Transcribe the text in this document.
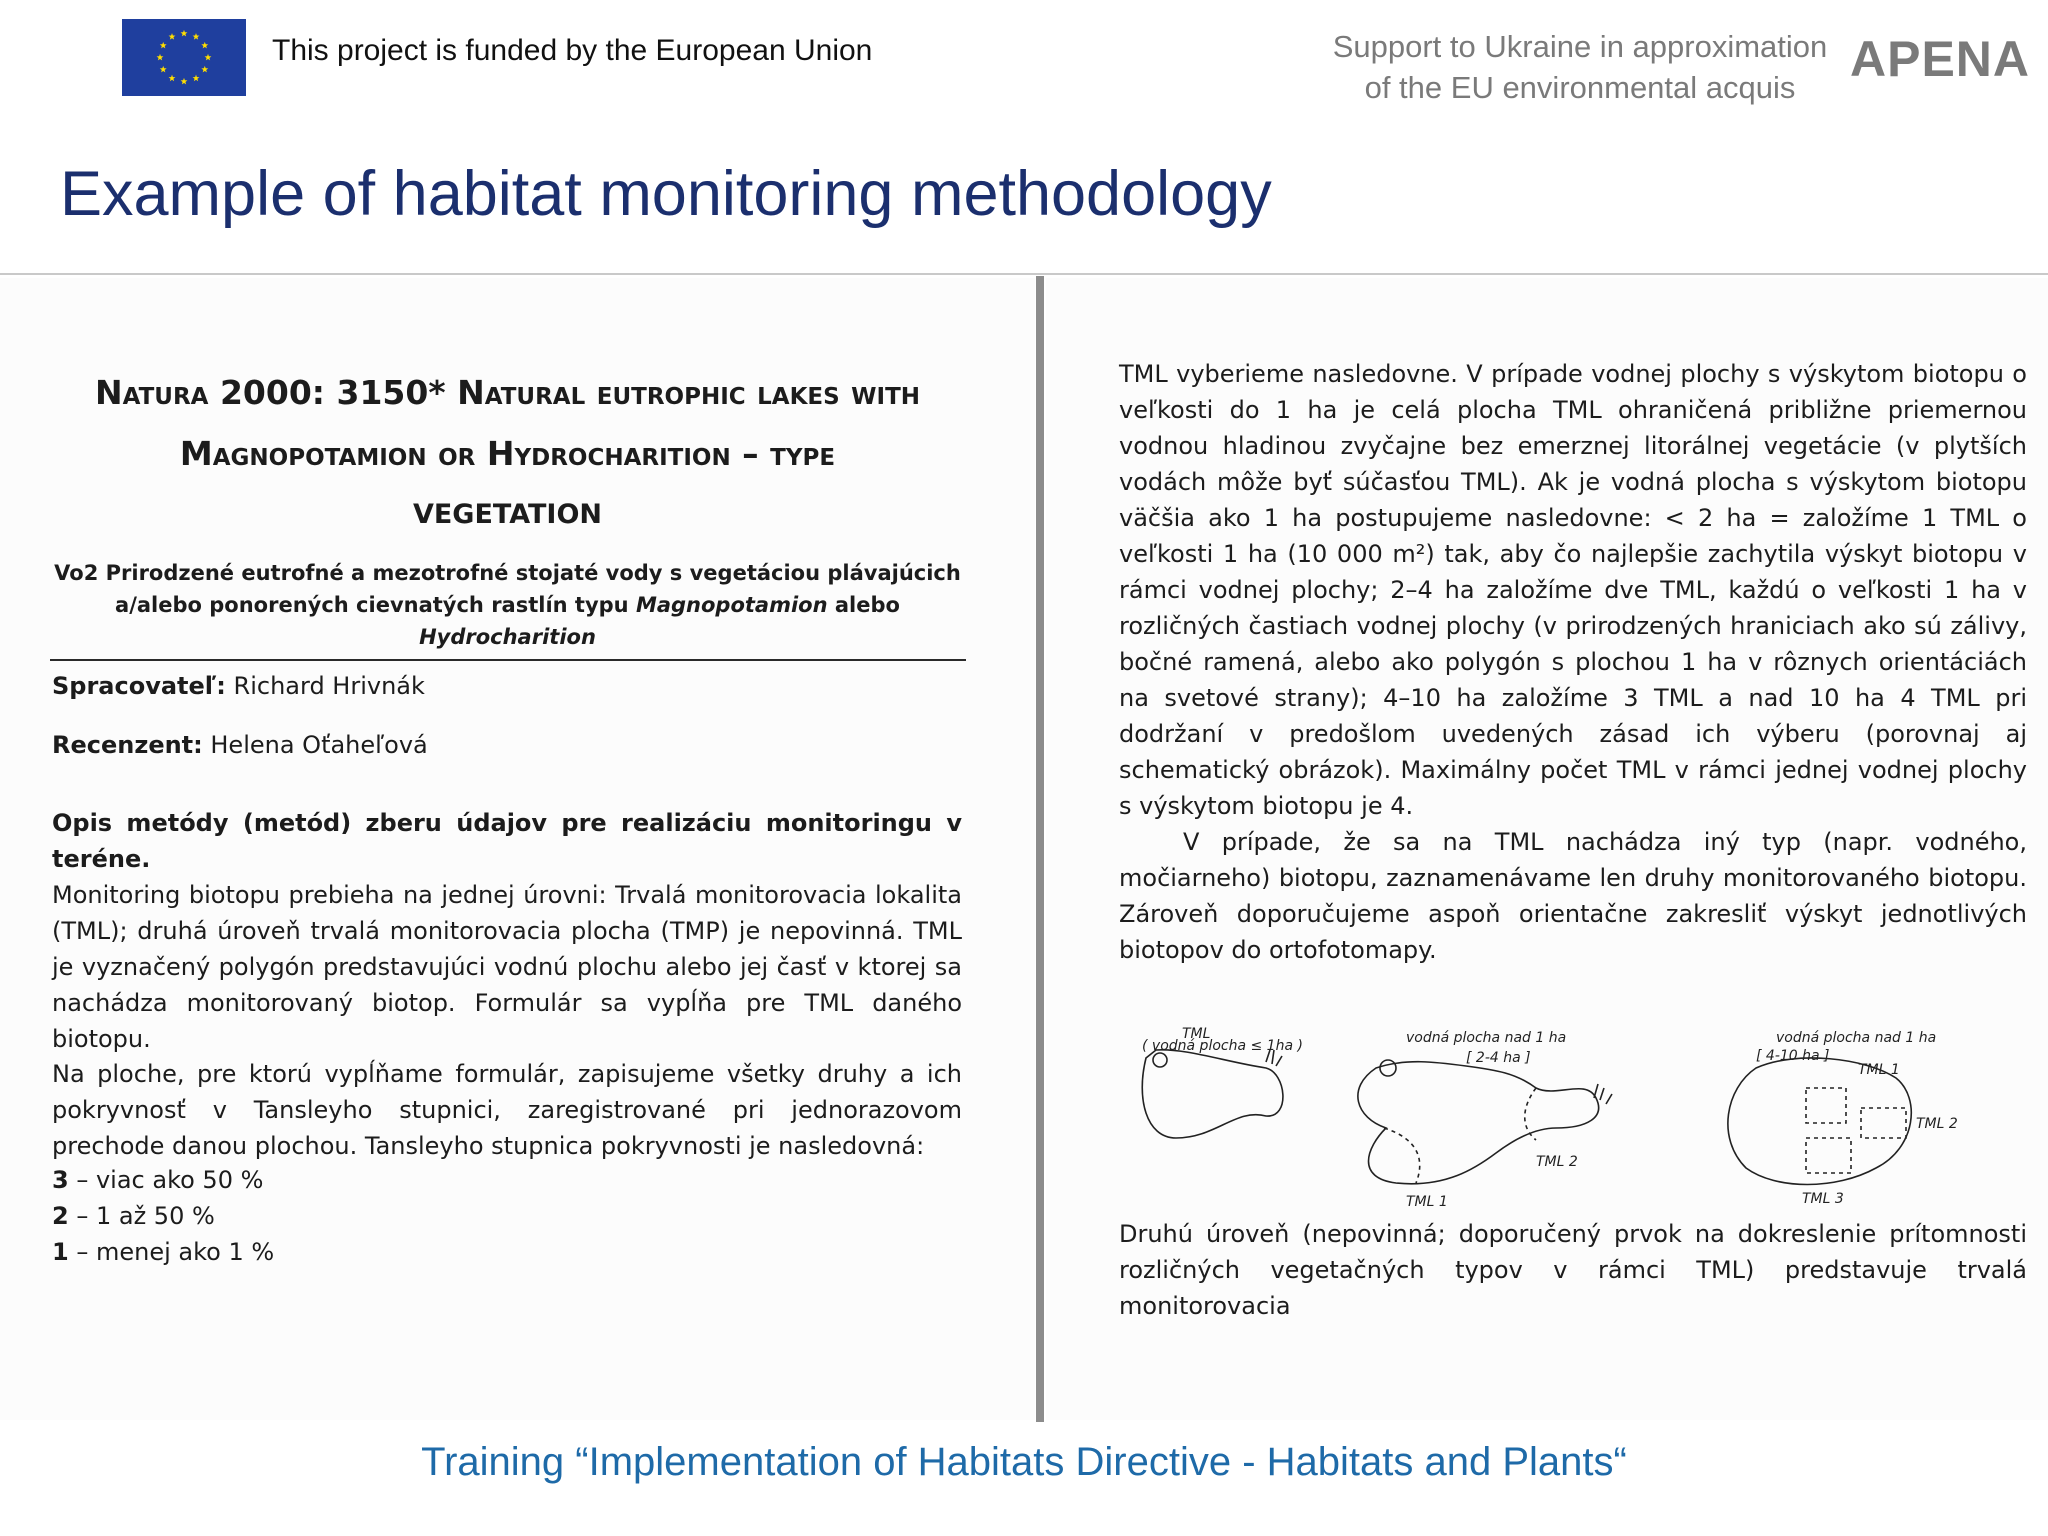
This project is funded by the European Union	Support to Ukraine in approximation
of the EU environmental acquis
APENA
Example of habitat monitoring methodology
Natura 2000: 3150* Natural eutrophic lakes with
Magnopotamion or Hydrocharition – type
VEGETATION
Vo2 Prirodzené eutrofné a mezotrofné stojaté vody s vegetáciou plávajúcich
a/alebo ponorených cievnatých rastlín typu Magnopotamion alebo Hydrocharition
Spracovateľ: Richard Hrivnák
Recenzent: Helena Oťaheľová
Opis metódy (metód) zberu údajov pre realizáciu monitoringu v teréne.
Monitoring biotopu prebieha na jednej úrovni: Trvalá monitorovacia lokalita (TML); druhá úroveň trvalá monitorovacia plocha (TMP) je nepovinná. TML je vyznačený polygón predstavujúci vodnú plochu alebo jej časť v ktorej sa nachádza monitorovaný biotop. Formulár sa vypĺňa pre TML daného biotopu.
Na ploche, pre ktorú vypĺňame formulár, zapisujeme všetky druhy a ich pokryvnosť v Tansleyho stupnici, zaregistrované pri jednorazovom prechode danou plochou. Tansleyho stupnica pokryvnosti je nasledovná:
3 – viac ako 50 %
2 – 1 až 50 %
1 – menej ako 1 %

TML vyberieme nasledovne. V prípade vodnej plochy s výskytom biotopu o veľkosti do 1 ha je celá plocha TML ohraničená približne priemernou vodnou hladinou zvyčajne bez emerznej litorálnej vegetácie (v plytších vodách môže byť súčasťou TML). Ak je vodná plocha s výskytom biotopu väčšia ako 1 ha postupujeme nasledovne: < 2 ha = založíme 1 TML o veľkosti 1 ha (10 000 m²) tak, aby čo najlepšie zachytila výskyt biotopu v rámci vodnej plochy; 2–4 ha založíme dve TML, každú o veľkosti 1 ha v rozličných častiach vodnej plochy (v prirodzených hraniciach ako sú zálivy, bočné ramená, alebo ako polygón s plochou 1 ha v rôznych orientáciách na svetové strany); 4–10 ha založíme 3 TML a nad 10 ha 4 TML pri dodržaní v predošlom uvedených zásad ich výberu (porovnaj aj schematický obrázok). Maximálny počet TML v rámci jednej vodnej plochy s výskytom biotopu je 4.

V prípade, že sa na TML nachádza iný typ (napr. vodného, močiarneho) biotopu, zaznamenávame len druhy monitorovaného biotopu. Zároveň doporučujeme aspoň orientačne zakresliť výskyt jednotlivých biotopov do ortofotomapy.

TML
( vodná plocha ≤ 1ha )	vodná plocha nad 1 ha
[ 2-4 ha ]
TML 2
TML 1
vodná plocha nad 1 ha
[ 4-10 ha ]
TML 1
TML 2
TML 3
Druhú úroveň (nepovinná; doporučený prvok na dokreslenie prítomnosti rozličných vegetačných typov v rámci TML) predstavuje trvalá monitorovacia
Training “Implementation of Habitats Directive - Habitats and Plants“
